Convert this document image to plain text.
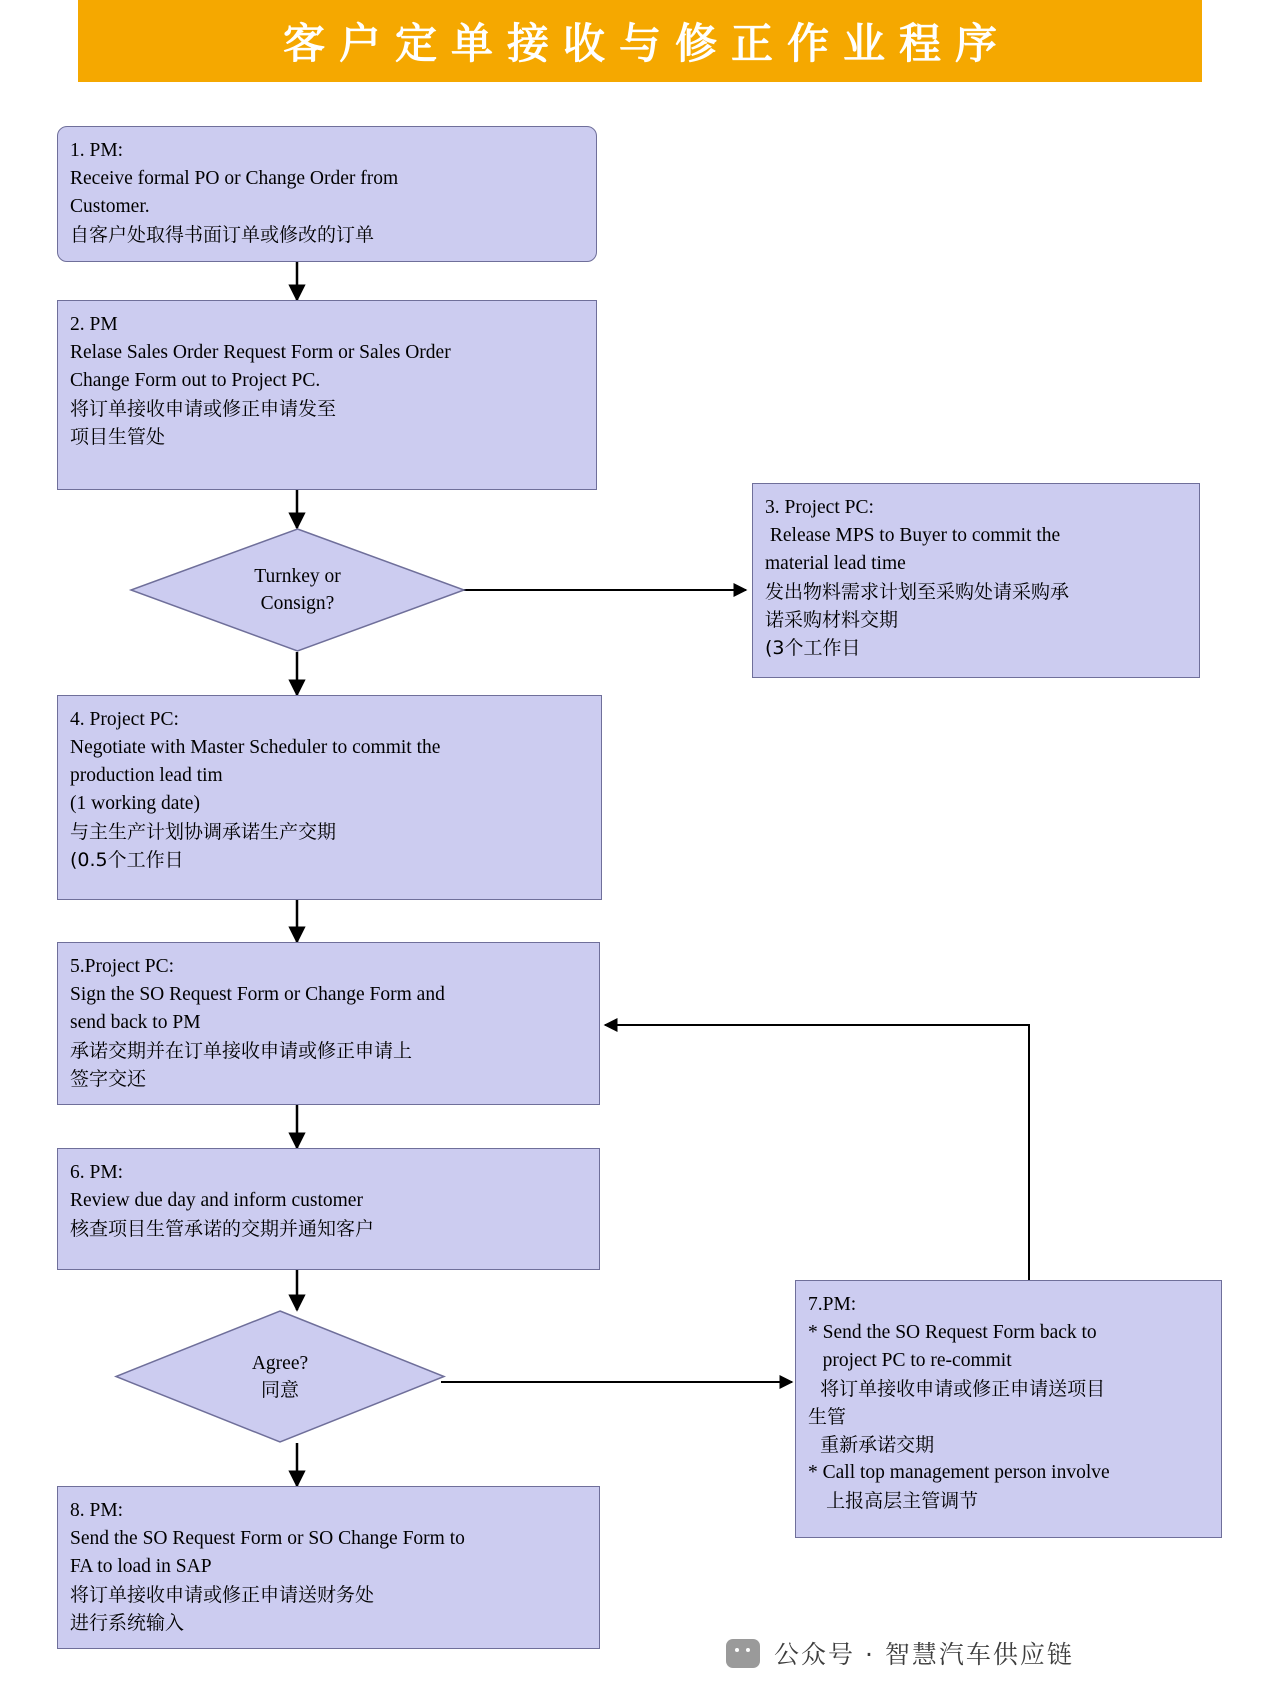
客户定单接收与修正作业程序
1. PM:
Receive formal PO or Change Order from
Customer.
自客户处取得书面订单或修改的订单
2. PM
Relase Sales Order Request Form or Sales Order
Change Form out to Project PC.
将订单接收申请或修正申请发至
项目生管处
3. Project PC:
Release MPS to Buyer to commit the
material lead time
发出物料需求计划至采购处请采购承
诺采购材料交期
(3个工作日
4. Project PC:
Negotiate with Master Scheduler to commit the
production lead tim
(1 working date)
与主生产计划协调承诺生产交期
(0.5个工作日
5.Project PC:
Sign the SO Request Form or Change Form and
send back to PM
承诺交期并在订单接收申请或修正申请上
签字交还
6. PM:
Review due day and inform customer
核查项目生管承诺的交期并通知客户
7.PM:
* Send the SO Request Form back to
project PC to re-commit
将订单接收申请或修正申请送项目
生管
重新承诺交期
* Call top management person involve
上报高层主管调节
8. PM:
Send the SO Request Form or SO Change Form to
FA to load in SAP
将订单接收申请或修正申请送财务处
进行系统输入
Turnkey or
Consign?
Agree?
同意
公众号 · 智慧汽车供应链
